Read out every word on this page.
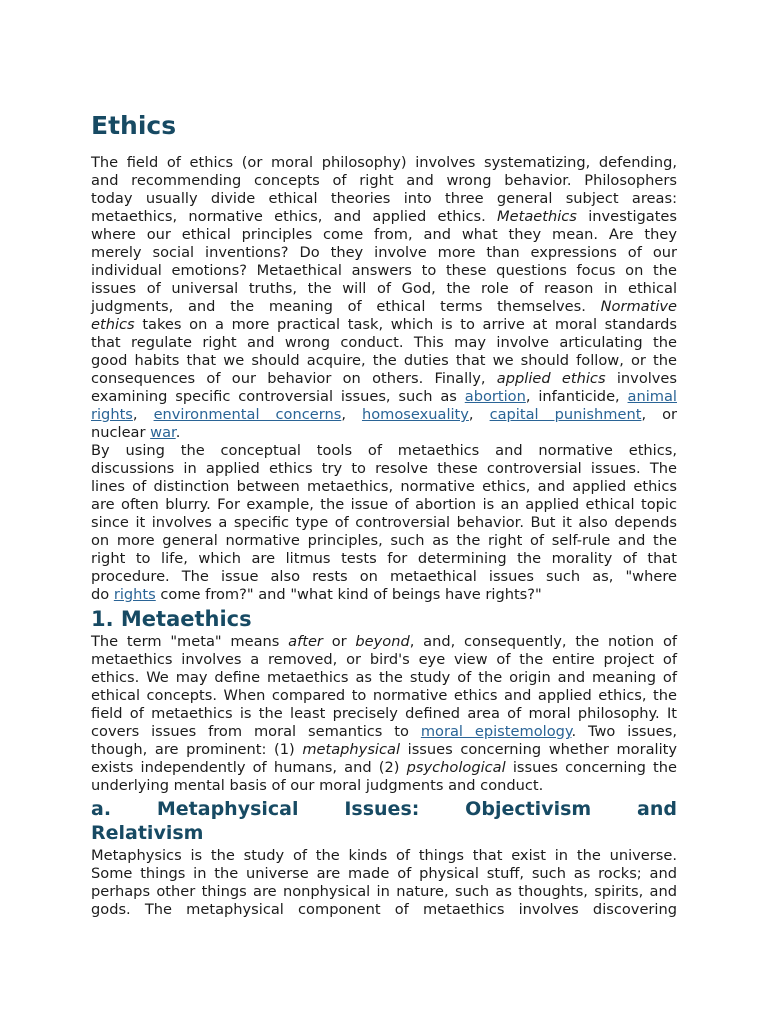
Ethics
The field of ethics (or moral philosophy) involves systematizing, defending,
and recommending concepts of right and wrong behavior. Philosophers
today usually divide ethical theories into three general subject areas:
metaethics, normative ethics, and applied ethics. Metaethics investigates
where our ethical principles come from, and what they mean. Are they
merely social inventions? Do they involve more than expressions of our
individual emotions? Metaethical answers to these questions focus on the
issues of universal truths, the will of God, the role of reason in ethical
judgments, and the meaning of ethical terms themselves. Normative
ethics takes on a more practical task, which is to arrive at moral standards
that regulate right and wrong conduct. This may involve articulating the
good habits that we should acquire, the duties that we should follow, or the
consequences of our behavior on others. Finally, applied ethics involves
examining specific controversial issues, such as abortion, infanticide, animal
rights, environmental concerns, homosexuality, capital punishment, or
nuclear war.
By using the conceptual tools of metaethics and normative ethics,
discussions in applied ethics try to resolve these controversial issues. The
lines of distinction between metaethics, normative ethics, and applied ethics
are often blurry. For example, the issue of abortion is an applied ethical topic
since it involves a specific type of controversial behavior. But it also depends
on more general normative principles, such as the right of self-rule and the
right to life, which are litmus tests for determining the morality of that
procedure. The issue also rests on metaethical issues such as, "where
do rights come from?" and "what kind of beings have rights?"
1. Metaethics
The term "meta" means after or beyond, and, consequently, the notion of
metaethics involves a removed, or bird's eye view of the entire project of
ethics. We may define metaethics as the study of the origin and meaning of
ethical concepts. When compared to normative ethics and applied ethics, the
field of metaethics is the least precisely defined area of moral philosophy. It
covers issues from moral semantics to moral epistemology. Two issues,
though, are prominent: (1) metaphysical issues concerning whether morality
exists independently of humans, and (2) psychological issues concerning the
underlying mental basis of our moral judgments and conduct.
a. Metaphysical Issues: Objectivism and
Relativism
Metaphysics is the study of the kinds of things that exist in the universe.
Some things in the universe are made of physical stuff, such as rocks; and
perhaps other things are nonphysical in nature, such as thoughts, spirits, and
gods. The metaphysical component of metaethics involves discovering
